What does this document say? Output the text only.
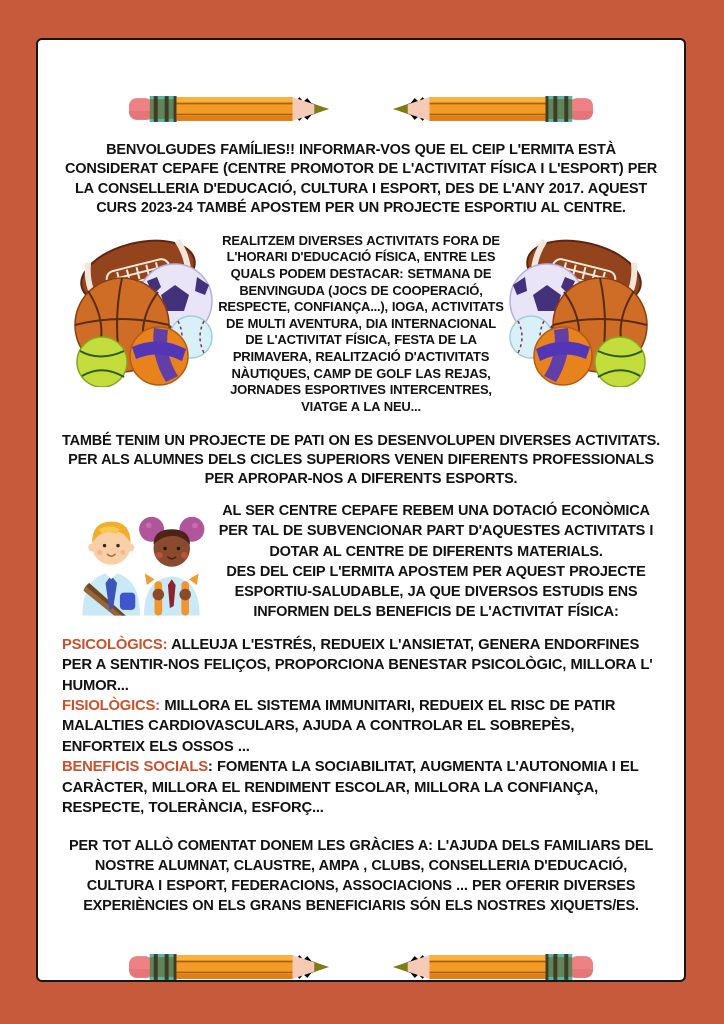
BENVOLGUDES FAMÍLIES!! INFORMAR-VOS QUE EL CEIP L'ERMITA ESTÀ CONSIDERAT CEPAFE (CENTRE PROMOTOR DE L'ACTIVITAT FÍSICA I L'ESPORT) PER LA CONSELLERIA D'EDUCACIÓ, CULTURA I ESPORT, DES DE L'ANY 2017. AQUEST CURS 2023-24 TAMBÉ APOSTEM PER UN PROJECTE ESPORTIU AL CENTRE.

REALITZEM DIVERSES ACTIVITATS FORA DE L'HORARI D'EDUCACIÓ FÍSICA, ENTRE LES QUALS PODEM DESTACAR: SETMANA DE BENVINGUDA (JOCS DE COOPERACIÓ, RESPECTE, CONFIANÇA...), IOGA, ACTIVITATS DE MULTI AVENTURA, DIA INTERNACIONAL DE L'ACTIVITAT FÍSICA, FESTA DE LA PRIMAVERA, REALITZACIÓ D'ACTIVITATS NÀUTIQUES, CAMP DE GOLF LAS REJAS, JORNADES ESPORTIVES INTERCENTRES, VIATGE A LA NEU...

TAMBÉ TENIM UN PROJECTE DE PATI ON ES DESENVOLUPEN DIVERSES ACTIVITATS. PER ALS ALUMNES DELS CICLES SUPERIORS VENEN DIFERENTS PROFESSIONALS PER APROPAR-NOS A DIFERENTS ESPORTS.

AL SER CENTRE CEPAFE REBEM UNA DOTACIÓ ECONÒMICA PER TAL DE SUBVENCIONAR PART D'AQUESTES ACTIVITATS I DOTAR AL CENTRE DE DIFERENTS MATERIALS.

DES DEL CEIP L'ERMITA APOSTEM PER AQUEST PROJECTE ESPORTIU-SALUDABLE, JA QUE DIVERSOS ESTUDIS ENS INFORMEN DELS BENEFICIS DE L'ACTIVITAT FÍSICA:

PSICOLÒGICS: ALLEUJA L'ESTRÉS, REDUEIX L'ANSIETAT, GENERA ENDORFINES PER A SENTIR-NOS FELIÇOS, PROPORCIONA BENESTAR PSICOLÒGIC, MILLORA L' HUMOR...

FISIOLÒGICS: MILLORA EL SISTEMA IMMUNITARI, REDUEIX EL RISC DE PATIR MALALTIES CARDIOVASCULARS, AJUDA A CONTROLAR EL SOBREPÈS, ENFORTEIX ELS OSSOS ...

BENEFICIS SOCIALS: FOMENTA LA SOCIABILITAT, AUGMENTA L'AUTONOMIA I EL CARÀCTER, MILLORA EL RENDIMENT ESCOLAR, MILLORA LA CONFIANÇA, RESPECTE, TOLERÀNCIA, ESFORÇ...

PER TOT ALLÒ COMENTAT DONEM LES GRÀCIES A: L'AJUDA DELS FAMILIARS DEL NOSTRE ALUMNAT, CLAUSTRE, AMPA , CLUBS, CONSELLERIA D'EDUCACIÓ, CULTURA I ESPORT, FEDERACIONS, ASSOCIACIONS ... PER OFERIR DIVERSES EXPERIÈNCIES ON ELS GRANS BENEFICIARIS SÓN ELS NOSTRES XIQUETS/ES.
